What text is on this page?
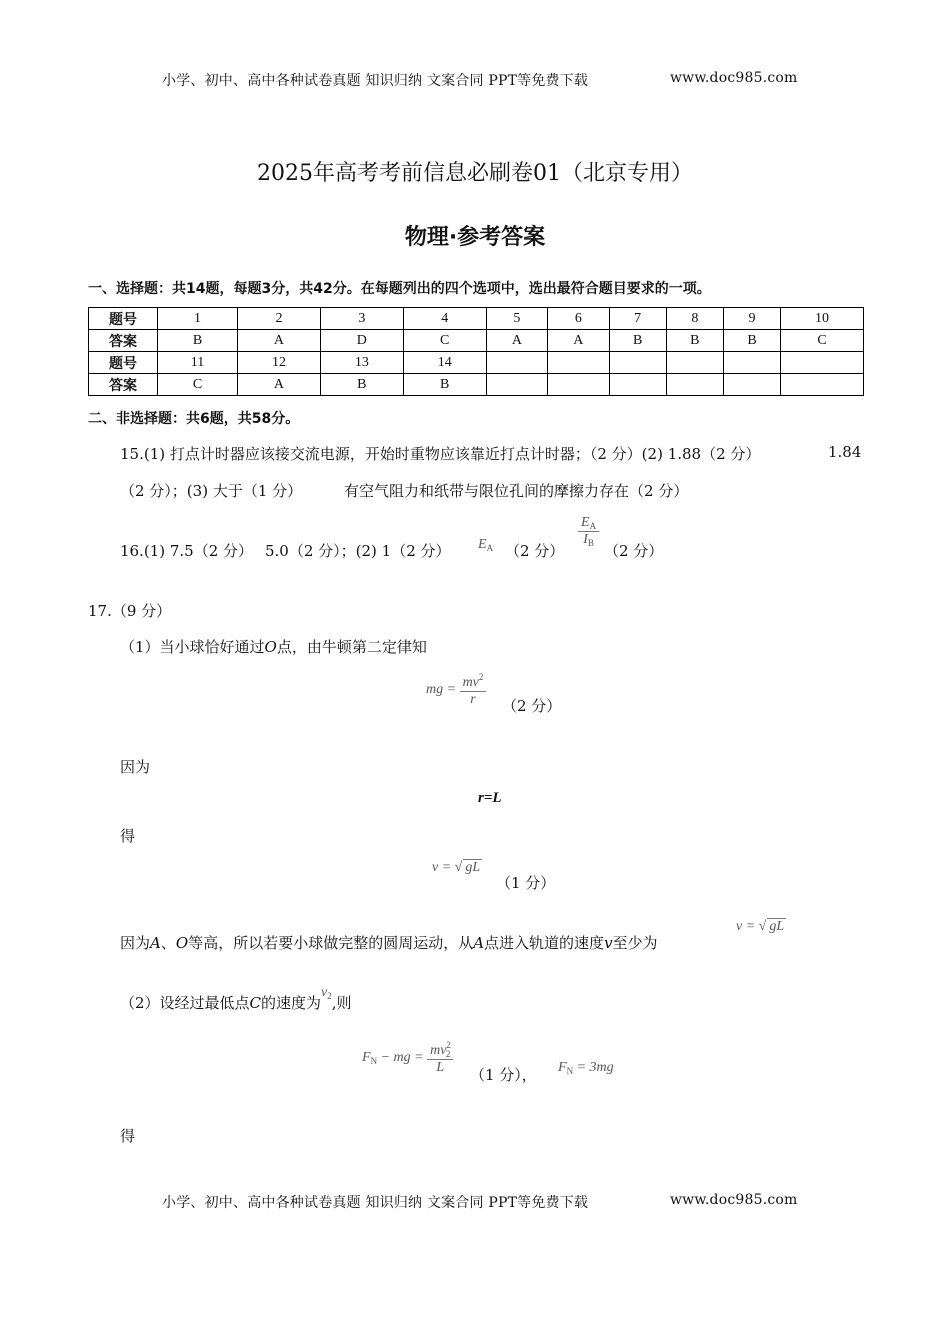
小学、初中、高中各种试卷真题 知识归纳 文案合同 PPT等免费下载	www.doc985.com
2025年高考考前信息必刷卷01（北京专用）
物理·参考答案
一、选择题：共14题，每题3分，共42分。在每题列出的四个选项中，选出最符合题目要求的一项。
题号	1	2	3	4	5	6	7	8	9	10
答案	B	A	D	C	A	A	B	B	B	C
题号	11	12	13	14						
答案	C	A	B	B						
二、非选择题：共6题，共58分。
15.(1) 打点计时器应该接交流电源，开始时重物应该靠近打点计时器；（2 分）(2) 1.88（2 分）	1.84
（2 分）；(3) 大于（1 分）	有空气阻力和纸带与限位孔间的摩擦力存在（2 分）
16.(1) 7.5（2 分） 5.0（2 分）；(2) 1（2 分） $E_A$ （2 分）
$\frac{E_A}{I_B}$
（2 分）
17.（9 分）
（1）当小球恰好通过O点，由牛顿第二定律知
mg = $\frac{mv^2}{r} (2$ 分）
因为
r=L
得
v = √ gL
（1 分）
因为A、O等高，所以若要小球做完整的圆周运动，从A点进入轨道的速度v至少为
v = √ gL
（2）设经过最低点C的速度为$v_2$,则
$F_N$ − mg = $\frac{mv^2_2}{L} (1$ 分）， $F_N = 3mg$
得
小学、初中、高中各种试卷真题 知识归纳 文案合同 PPT等免费下载	www.doc985.com
